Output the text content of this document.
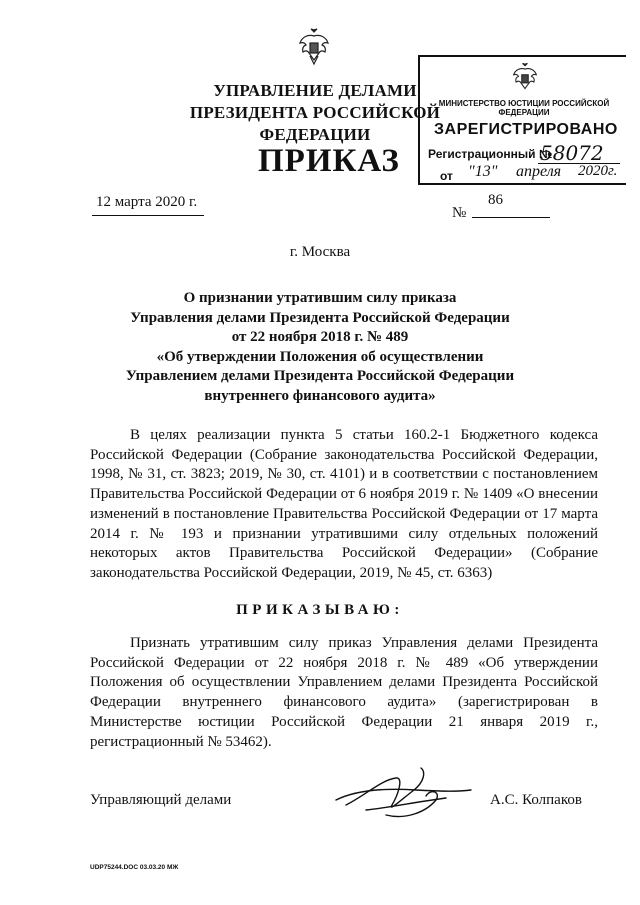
УПРАВЛЕНИЕ ДЕЛАМИ
ПРЕЗИДЕНТА РОССИЙСКОЙ ФЕДЕРАЦИИ
ПРИКАЗ
МИНИСТЕРСТВО ЮСТИЦИИ РОССИЙСКОЙ ФЕДЕРАЦИИ
ЗАРЕГИСТРИРОВАНО
Регистрационный №
58072
от "13" апреля 2020г.
12 марта 2020 г.	86
№
г. Москва
О признании утратившим силу приказа
Управления делами Президента Российской Федерации
от 22 ноября 2018 г. № 489
«Об утверждении Положения об осуществлении
Управлением делами Президента Российской Федерации
внутреннего финансового аудита»

В целях реализации пункта 5 статьи 160.2-1 Бюджетного кодекса Российской Федерации (Собрание законодательства Российской Федерации, 1998, № 31, ст. 3823; 2019, № 30, ст. 4101) и в соответствии с постановлением Правительства Российской Федерации от 6 ноября 2019 г. № 1409 «О внесении изменений в постановление Правительства Российской Федерации от 17 марта 2014 г. № 193 и признании утратившими силу отдельных положений некоторых актов Правительства Российской Федерации» (Собрание законодательства Российской Федерации, 2019, № 45, ст. 6363)

ПРИКАЗЫВАЮ:

Признать утратившим силу приказ Управления делами Президента Российской Федерации от 22 ноября 2018 г. № 489 «Об утверждении Положения об осуществлении Управлением делами Президента Российской Федерации внутреннего финансового аудита» (зарегистрирован в Министерстве юстиции Российской Федерации 21 января 2019 г., регистрационный № 53462).

Управляющий делами	А.С. Колпаков
UDP75244.DOC 03.03.20 МЖ
